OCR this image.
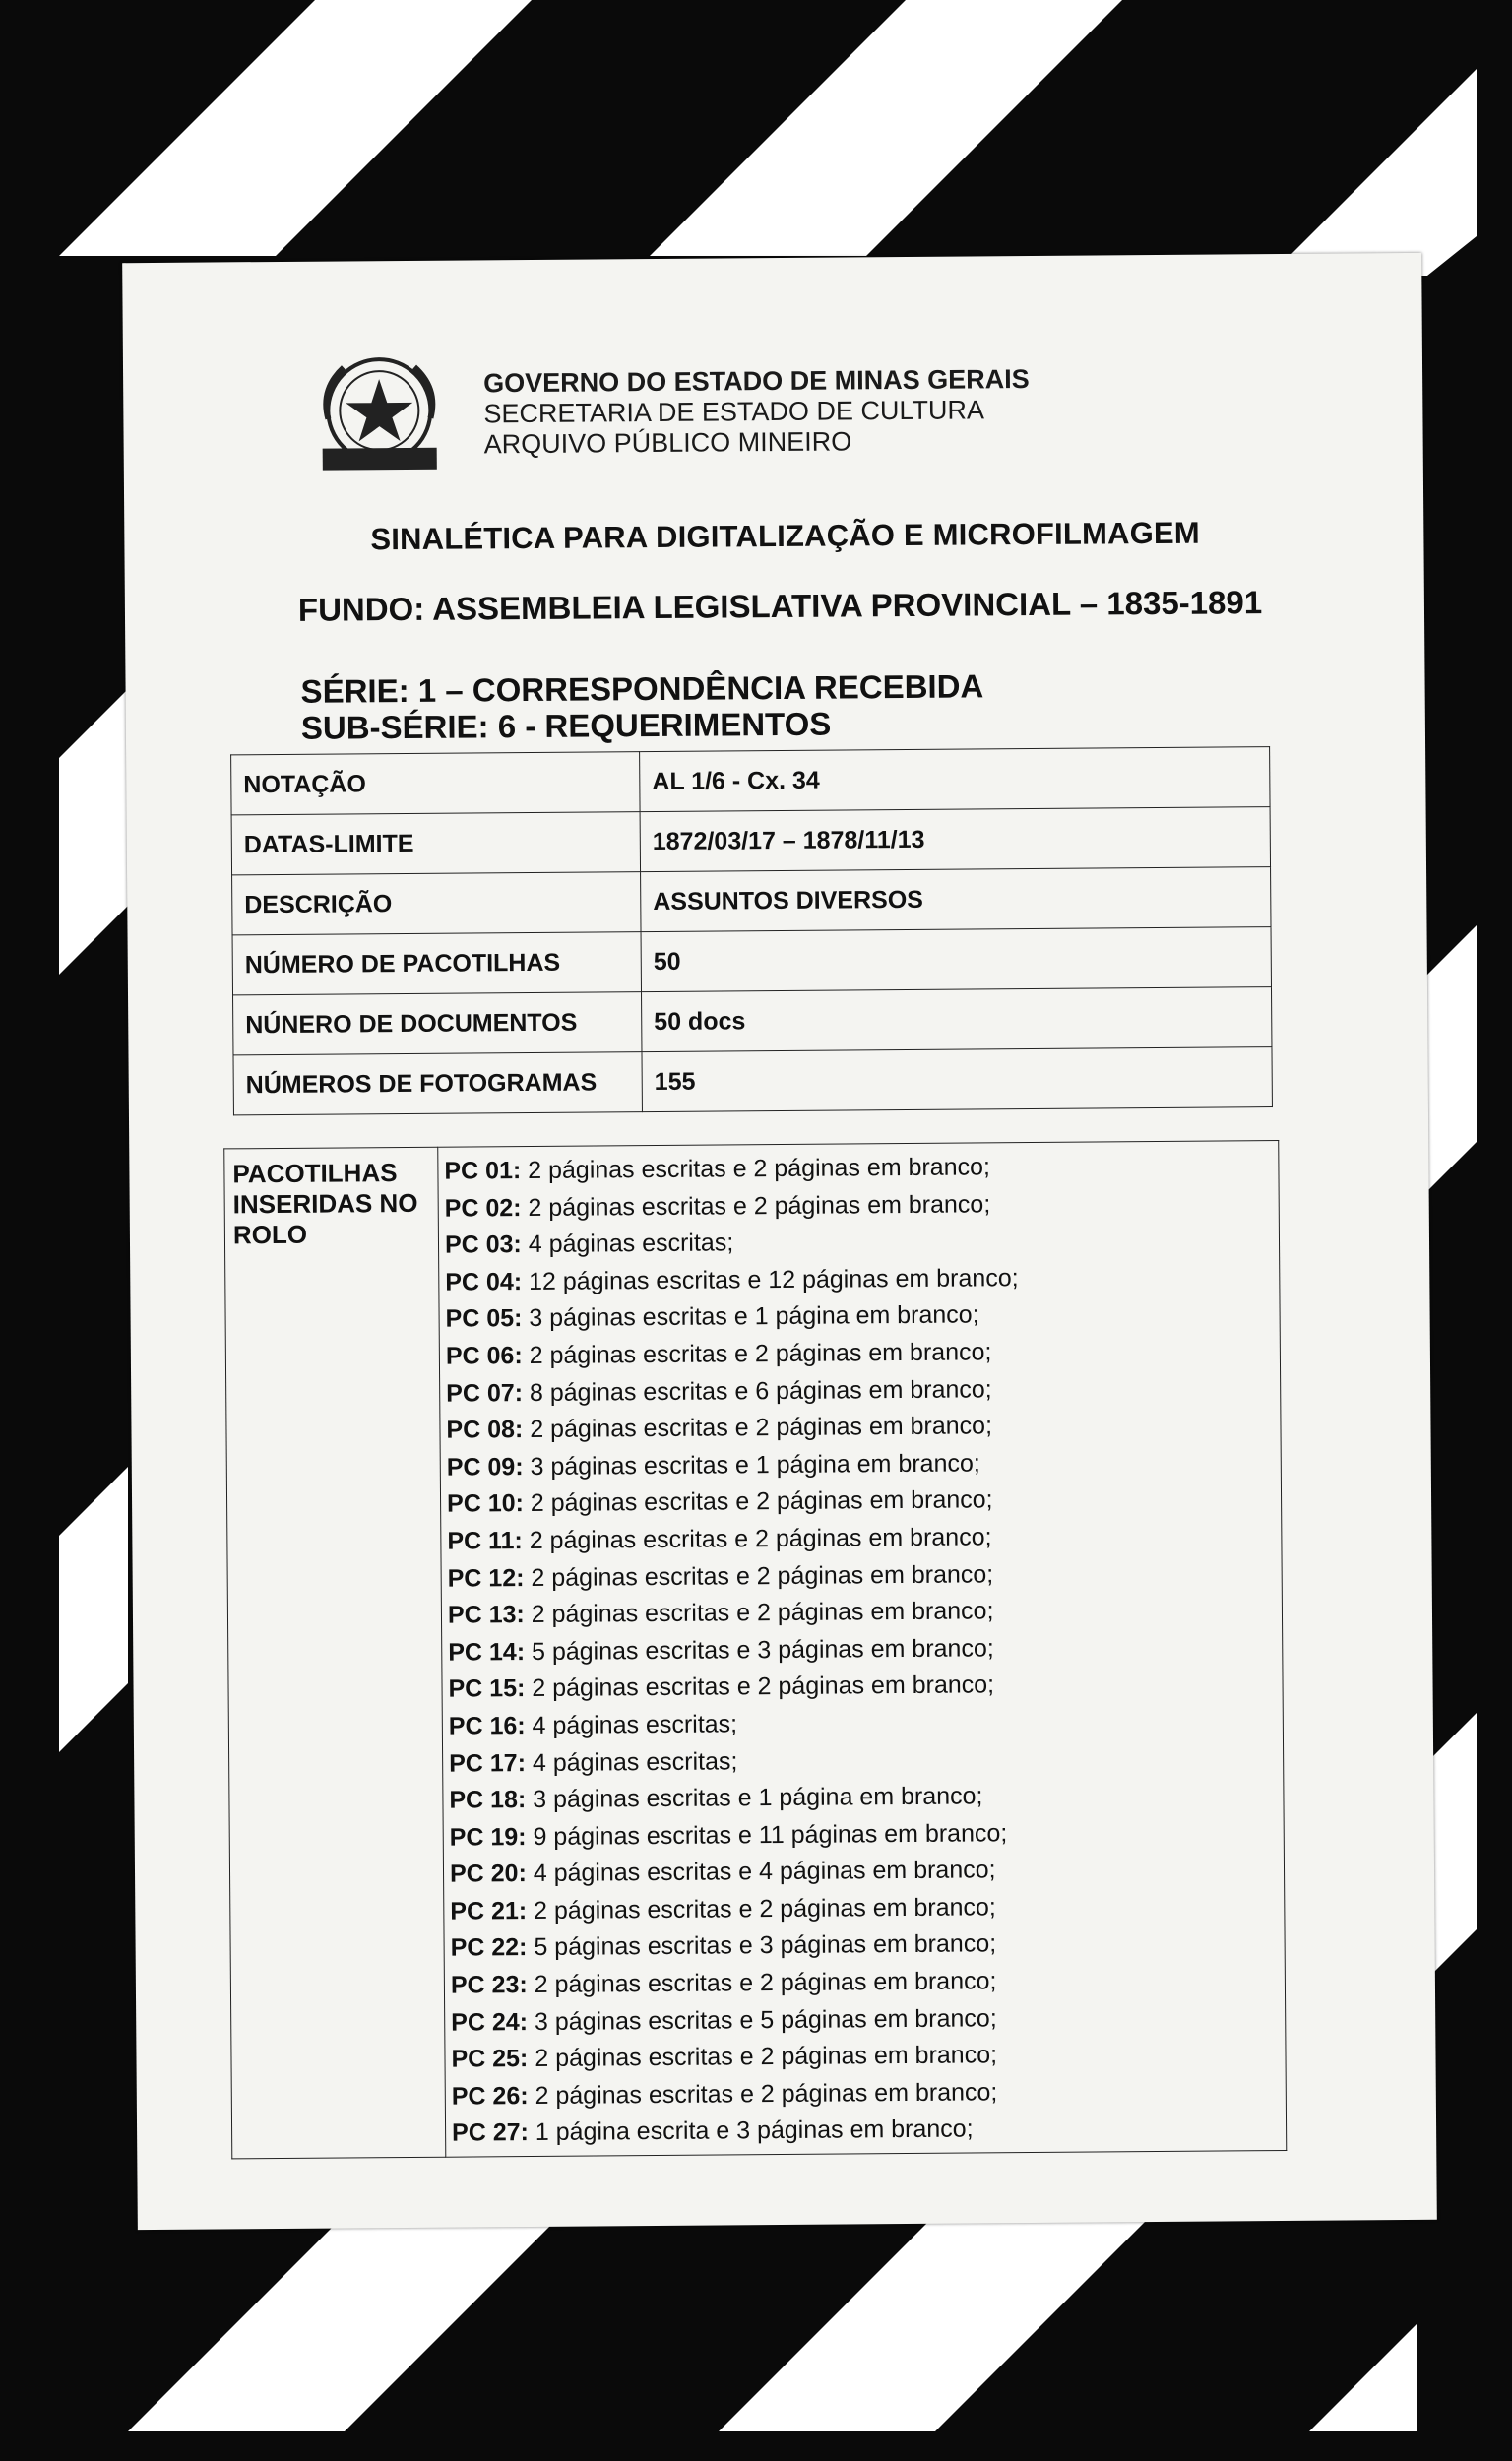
GOVERNO DO ESTADO DE MINAS GERAIS
SECRETARIA DE ESTADO DE CULTURA
ARQUIVO PÚBLICO MINEIRO
SINALÉTICA PARA DIGITALIZAÇÃO E MICROFILMAGEM
FUNDO: ASSEMBLEIA LEGISLATIVA PROVINCIAL – 1835-1891
SÉRIE: 1 – CORRESPONDÊNCIA RECEBIDA
SUB-SÉRIE: 6 - REQUERIMENTOS
NOTAÇÃO	AL 1/6 - Cx. 34
DATAS-LIMITE	1872/03/17 – 1878/11/13
DESCRIÇÃO	ASSUNTOS DIVERSOS
NÚMERO DE PACOTILHAS	50
NÚNERO DE DOCUMENTOS	50 docs
NÚMEROS DE FOTOGRAMAS	155

PACOTILHAS INSERIDAS NO ROLO

PC 01: 2 páginas escritas e 2 páginas em branco;
PC 02: 2 páginas escritas e 2 páginas em branco;
PC 03: 4 páginas escritas;
PC 04: 12 páginas escritas e 12 páginas em branco;
PC 05: 3 páginas escritas e 1 página em branco;
PC 06: 2 páginas escritas e 2 páginas em branco;
PC 07: 8 páginas escritas e 6 páginas em branco;
PC 08: 2 páginas escritas e 2 páginas em branco;
PC 09: 3 páginas escritas e 1 página em branco;
PC 10: 2 páginas escritas e 2 páginas em branco;
PC 11: 2 páginas escritas e 2 páginas em branco;
PC 12: 2 páginas escritas e 2 páginas em branco;
PC 13: 2 páginas escritas e 2 páginas em branco;
PC 14: 5 páginas escritas e 3 páginas em branco;
PC 15: 2 páginas escritas e 2 páginas em branco;
PC 16: 4 páginas escritas;
PC 17: 4 páginas escritas;
PC 18: 3 páginas escritas e 1 página em branco;
PC 19: 9 páginas escritas e 11 páginas em branco;
PC 20: 4 páginas escritas e 4 páginas em branco;
PC 21: 2 páginas escritas e 2 páginas em branco;
PC 22: 5 páginas escritas e 3 páginas em branco;
PC 23: 2 páginas escritas e 2 páginas em branco;
PC 24: 3 páginas escritas e 5 páginas em branco;
PC 25: 2 páginas escritas e 2 páginas em branco;
PC 26: 2 páginas escritas e 2 páginas em branco;
PC 27: 1 página escrita e 3 páginas em branco;
